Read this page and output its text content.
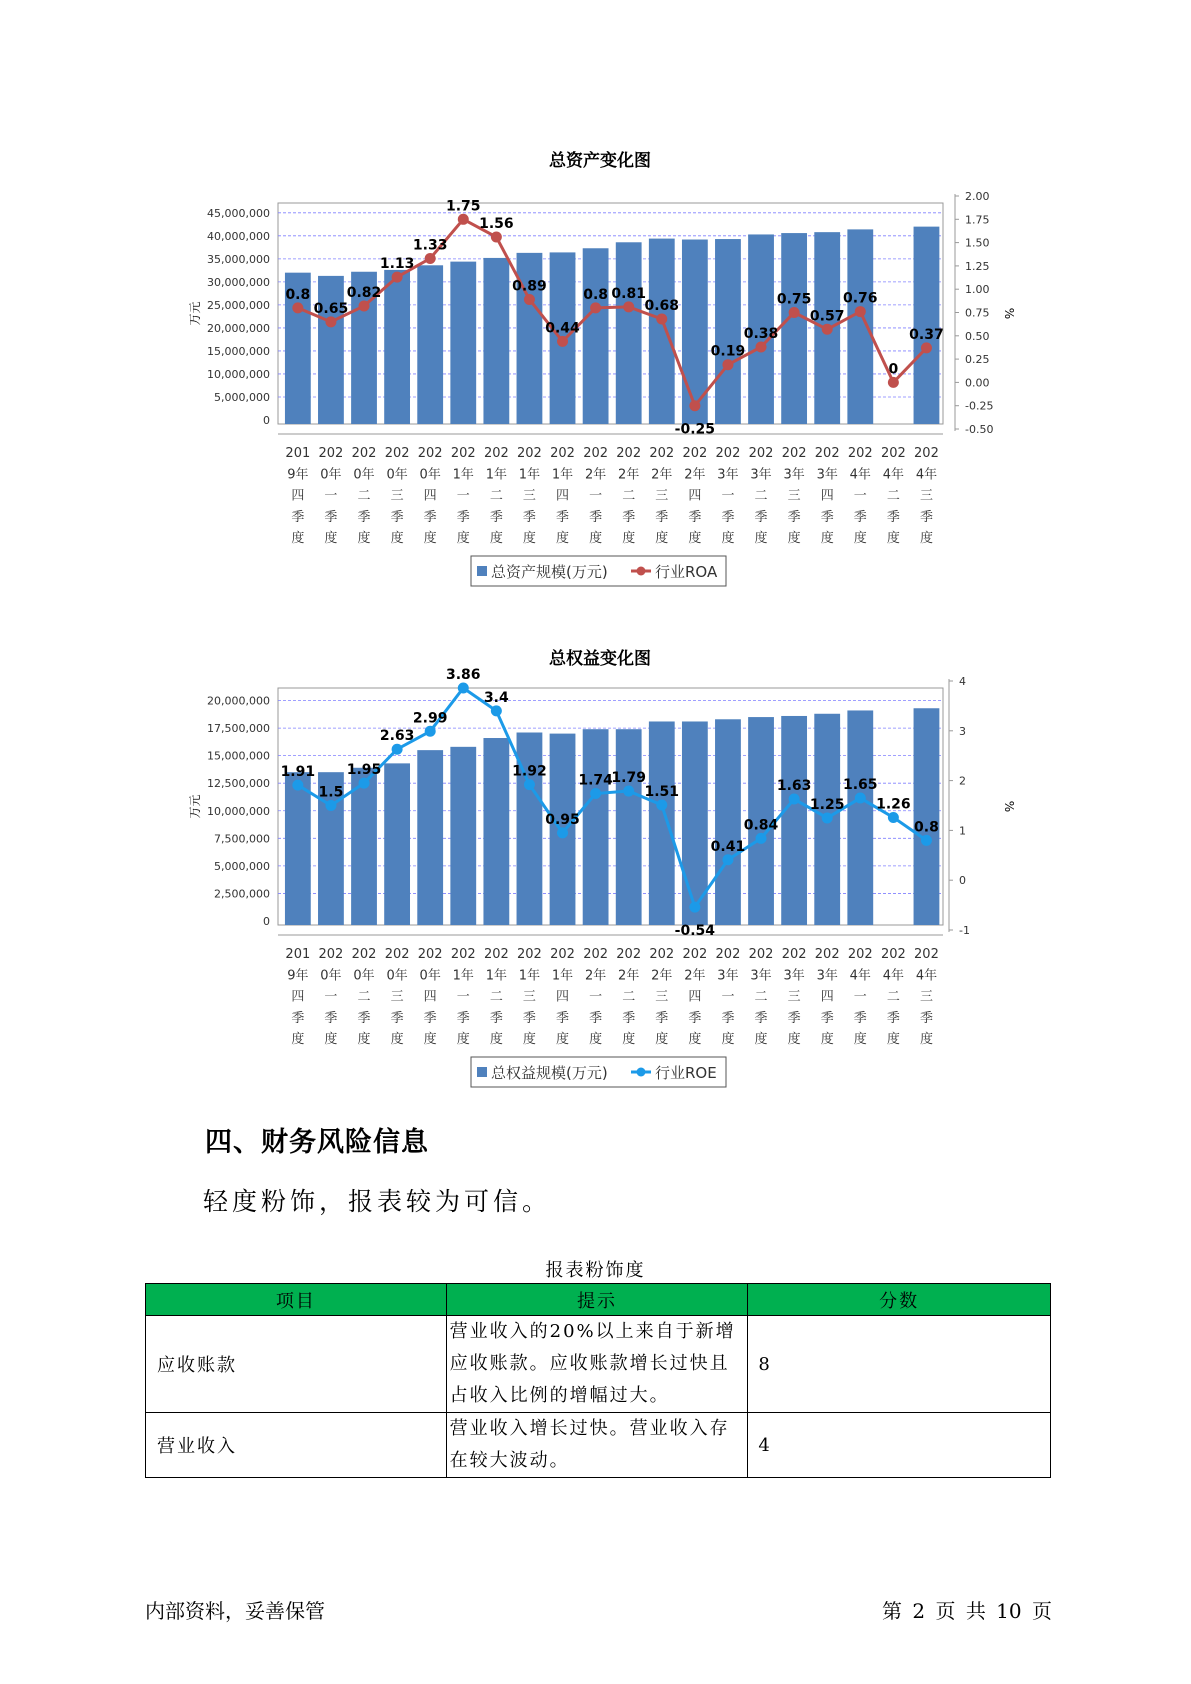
总资产变化图
45,000,000
40,000,000
35,000,000
30,000,000
25,000,000
20,000,000
15,000,000
10,000,000
5,000,000
0
万元
2.00
1.75
1.50
1.25
1.00
0.75
0.50
0.25
0.00
-0.25
-0.50
%
0.8
0.65
0.82
1.13
1.33
1.75
1.56
0.89
0.44
0.8 0.81
0.68
-0.25
0.19
0.38
0.75
0.57
0.76
0
0.37
201
9年
四
季
度
202
0年
一
季
度
202
0年
二
季
度
202
0年
三
季
度
202
0年
四
季
度
202
1年
一
季
度
202
1年
二
季
度
202
1年
三
季
度
202
1年
四
季
度
202
2年
一
季
度
202
2年
二
季
度
202
2年
三
季
度
202
2年
四
季
度
202
3年
一
季
度
202
3年
二
季
度
202
3年
三
季
度
202
3年
四
季
度
202
4年
一
季
度
202
4年
二
季
度
202
4年
三
季
度
总资产规模(万元)	行业ROA
总权益变化图
20,000,000
17,500,000
15,000,000
12,500,000
10,000,000
7,500,000
5,000,000
2,500,000
0
万元
4
3
2
1
0
-1
%
1.91
1.5
1.95
2.63
2.99
3.86
3.4
1.92
0.95
1.74
1.79
1.51
-0.54
0.41
0.84
1.63
1.25
1.65
1.26
0.8
201
9年
四
季
度
202
0年
一
季
度
202
0年
二
季
度
202
0年
三
季
度
202
0年
四
季
度
202
1年
一
季
度
202
1年
二
季
度
202
1年
三
季
度
202
1年
四
季
度
202
2年
一
季
度
202
2年
二
季
度
202
2年
三
季
度
202
2年
四
季
度
202
3年
一
季
度
202
3年
二
季
度
202
3年
三
季
度
202
3年
四
季
度
202
4年
一
季
度
202
4年
二
季
度
202
4年
三
季
度
总权益规模(万元)	行业ROE
四、财务风险信息
轻度粉饰，报表较为可信。
报表粉饰度
项目	提示	分数
应收账款	营业收入的20%以上来自于新增应收账款。应收账款增长过快且占收入比例的增幅过大。	8
营业收入	营业收入增长过快。营业收入存在较大波动。	4
内部资料，妥善保管	第 2 页 共 10 页
